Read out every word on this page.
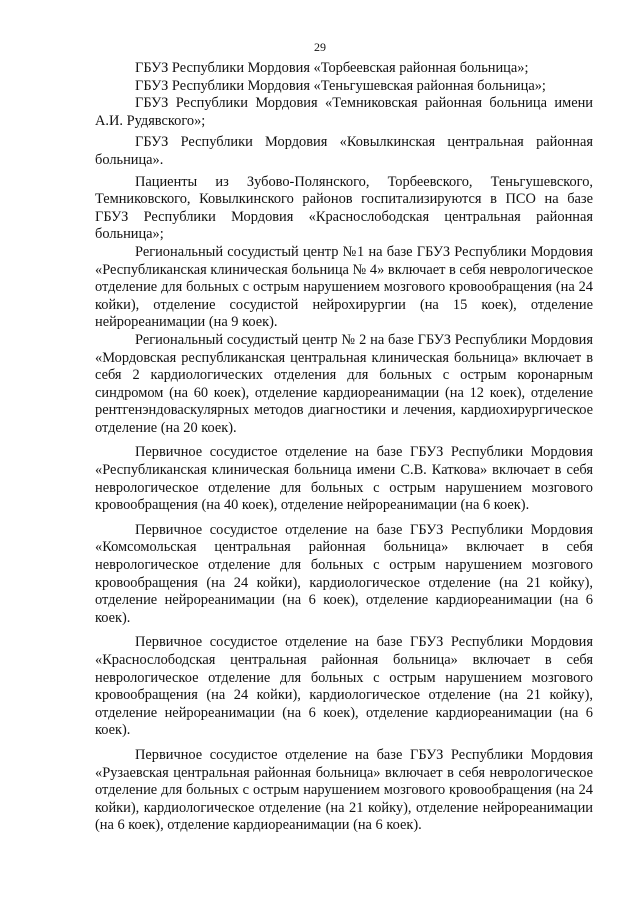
29

ГБУЗ Республики Мордовия «Торбеевская районная больница»;

ГБУЗ Республики Мордовия «Теньгушевская районная больница»;

ГБУЗ Республики Мордовия «Темниковская районная больница имени А.И. Рудявского»;

ГБУЗ Республики Мордовия «Ковылкинская центральная районная больница».

Пациенты из Зубово-Полянского, Торбеевского, Теньгушевского, Темниковского, Ковылкинского районов госпитализируются в ПСО на базе ГБУЗ Республики Мордовия «Краснослободская центральная районная больница»;

Региональный сосудистый центр №1 на базе ГБУЗ Республики Мордовия «Республиканская клиническая больница № 4» включает в себя неврологическое отделение для больных с острым нарушением мозгового кровообращения (на 24 койки), отделение сосудистой нейрохирургии (на 15 коек), отделение нейрореанимации (на 9 коек).

Региональный сосудистый центр № 2 на базе ГБУЗ Республики Мордовия «Мордовская республиканская центральная клиническая больница» включает в себя 2 кардиологических отделения для больных с острым коронарным синдромом (на 60 коек), отделение кардиореанимации (на 12 коек), отделение рентгенэндоваскулярных методов диагностики и лечения, кардиохирургическое отделение (на 20 коек).

Первичное сосудистое отделение на базе ГБУЗ Республики Мордовия «Республиканская клиническая больница имени С.В. Каткова» включает в себя неврологическое отделение для больных с острым нарушением мозгового кровообращения (на 40 коек), отделение нейрореанимации (на 6 коек).

Первичное сосудистое отделение на базе ГБУЗ Республики Мордовия «Комсомольская центральная районная больница» включает в себя неврологическое отделение для больных с острым нарушением мозгового кровообращения (на 24 койки), кардиологическое отделение (на 21 койку), отделение нейрореанимации (на 6 коек), отделение кардиореанимации (на 6 коек).

Первичное сосудистое отделение на базе ГБУЗ Республики Мордовия «Краснослободская центральная районная больница» включает в себя неврологическое отделение для больных с острым нарушением мозгового кровообращения (на 24 койки), кардиологическое отделение (на 21 койку), отделение нейрореанимации (на 6 коек), отделение кардиореанимации (на 6 коек).

Первичное сосудистое отделение на базе ГБУЗ Республики Мордовия «Рузаевская центральная районная больница» включает в себя неврологическое отделение для больных с острым нарушением мозгового кровообращения (на 24 койки), кардиологическое отделение (на 21 койку), отделение нейрореанимации (на 6 коек), отделение кардиореанимации (на 6 коек).
